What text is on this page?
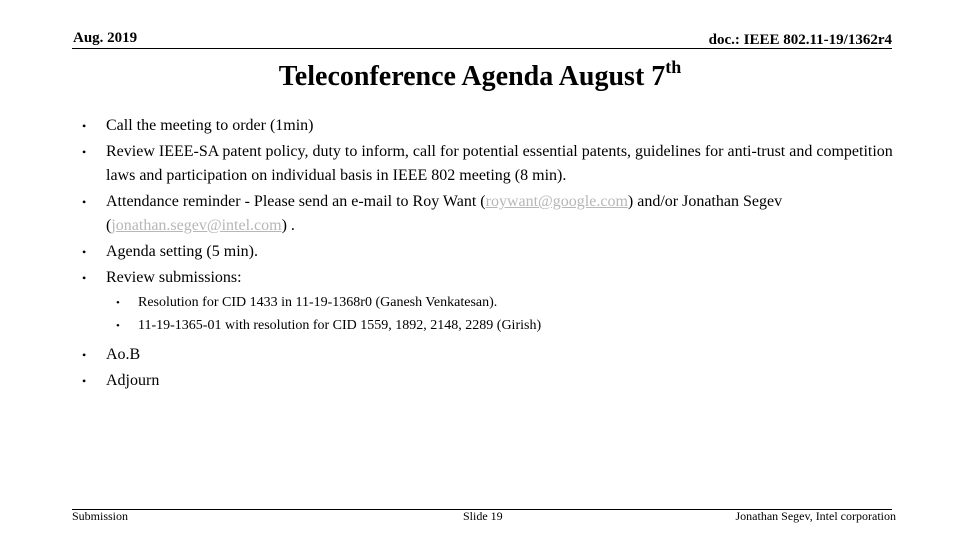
Aug. 2019	doc.: IEEE 802.11-19/1362r4
Teleconference Agenda August 7th
• Call the meeting to order (1min)
• Review IEEE-SA patent policy, duty to inform, call for potential essential patents, guidelines for anti-trust and competition laws and participation on individual basis in IEEE 802 meeting (8 min).
• Attendance reminder - Please send an e-mail to Roy Want (roywant@google.com) and/or Jonathan Segev (jonathan.segev@intel.com) .
• Agenda setting (5 min).
• Review submissions:
• Resolution for CID 1433 in 11-19-1368r0 (Ganesh Venkatesan).
• 11-19-1365-01 with resolution for CID 1559, 1892, 2148, 2289 (Girish)
• Ao.B
• Adjourn
Submission	Slide 19	Jonathan Segev, Intel corporation
